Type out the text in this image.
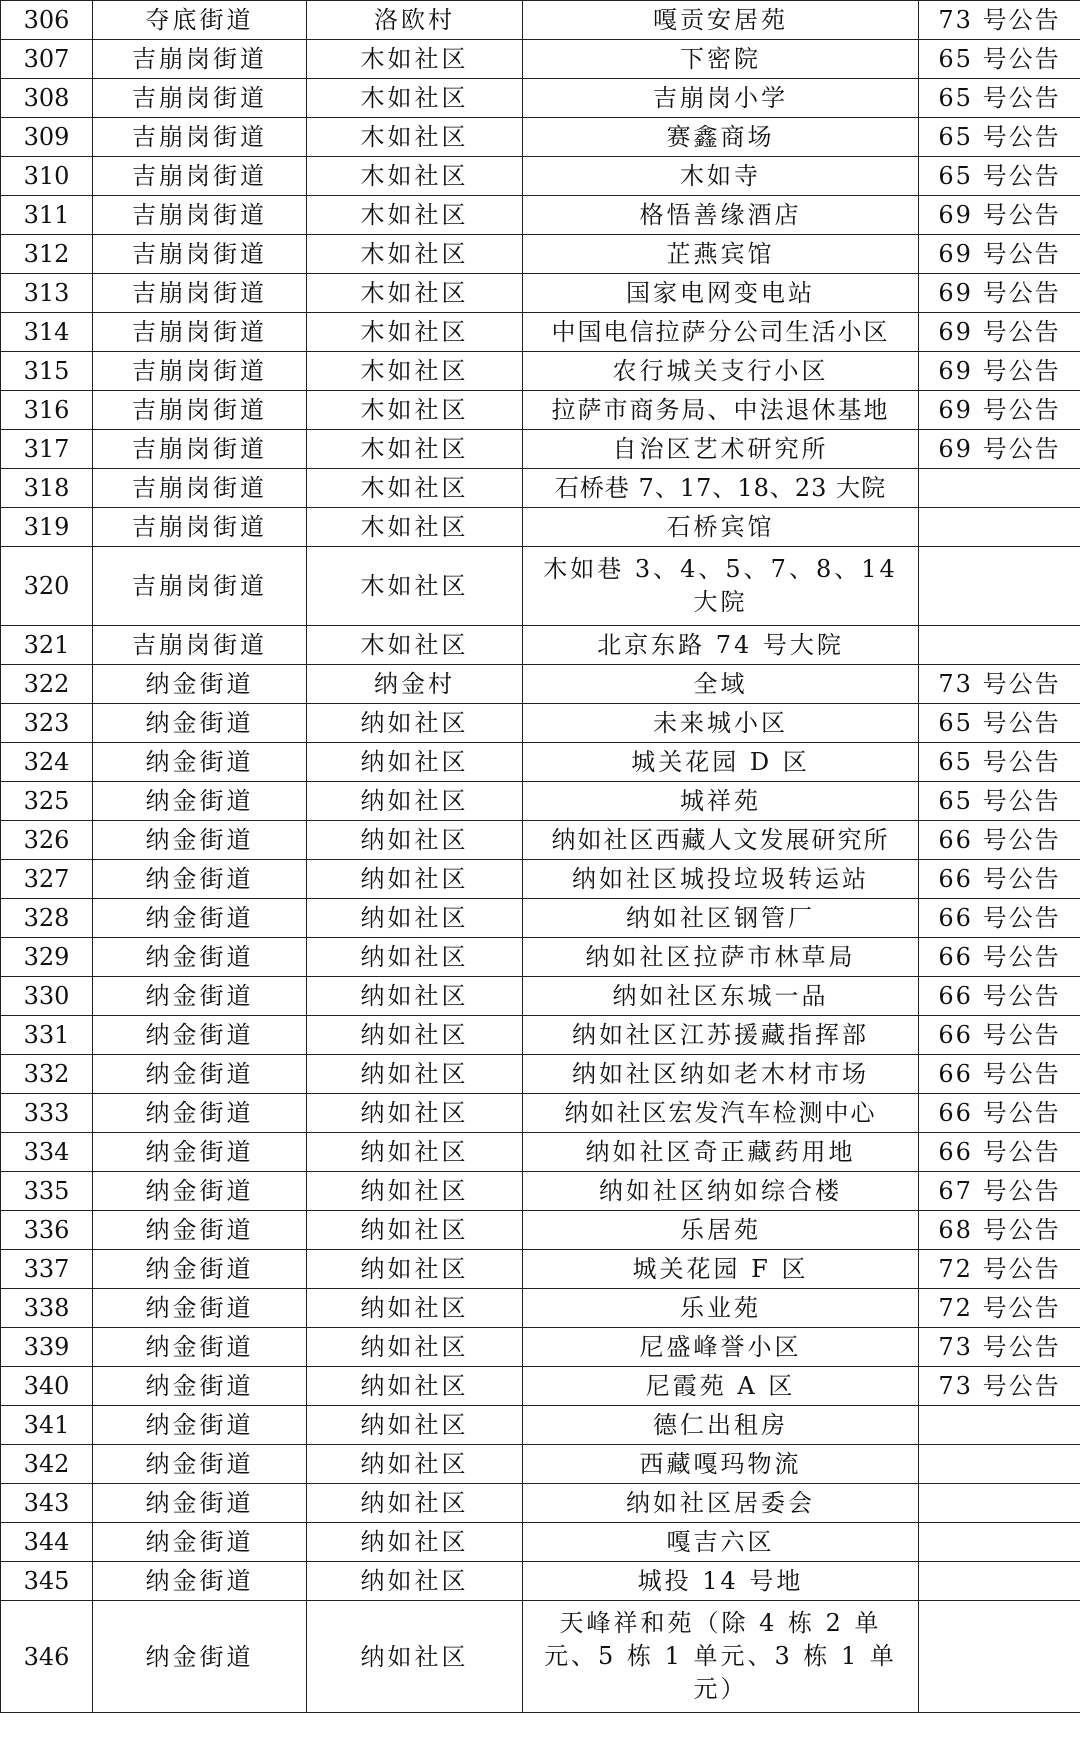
306	夺底街道	洛欧村	嘎贡安居苑	73 号公告
307	吉崩岗街道	木如社区	下密院	65 号公告
308	吉崩岗街道	木如社区	吉崩岗小学	65 号公告
309	吉崩岗街道	木如社区	赛鑫商场	65 号公告
310	吉崩岗街道	木如社区	木如寺	65 号公告
311	吉崩岗街道	木如社区	格悟善缘酒店	69 号公告
312	吉崩岗街道	木如社区	芷燕宾馆	69 号公告
313	吉崩岗街道	木如社区	国家电网变电站	69 号公告
314	吉崩岗街道	木如社区	中国电信拉萨分公司生活小区	69 号公告
315	吉崩岗街道	木如社区	农行城关支行小区	69 号公告
316	吉崩岗街道	木如社区	拉萨市商务局、中法退休基地	69 号公告
317	吉崩岗街道	木如社区	自治区艺术研究所	69 号公告
318	吉崩岗街道	木如社区	石桥巷 7、17、18、23 大院	
319	吉崩岗街道	木如社区	石桥宾馆	
320	吉崩岗街道	木如社区	木如巷 3、4、5、7、8、14 大院	
321	吉崩岗街道	木如社区	北京东路 74 号大院	
322	纳金街道	纳金村	全域	73 号公告
323	纳金街道	纳如社区	未来城小区	65 号公告
324	纳金街道	纳如社区	城关花园 D 区	65 号公告
325	纳金街道	纳如社区	城祥苑	65 号公告
326	纳金街道	纳如社区	纳如社区西藏人文发展研究所	66 号公告
327	纳金街道	纳如社区	纳如社区城投垃圾转运站	66 号公告
328	纳金街道	纳如社区	纳如社区钢管厂	66 号公告
329	纳金街道	纳如社区	纳如社区拉萨市林草局	66 号公告
330	纳金街道	纳如社区	纳如社区东城一品	66 号公告
331	纳金街道	纳如社区	纳如社区江苏援藏指挥部	66 号公告
332	纳金街道	纳如社区	纳如社区纳如老木材市场	66 号公告
333	纳金街道	纳如社区	纳如社区宏发汽车检测中心	66 号公告
334	纳金街道	纳如社区	纳如社区奇正藏药用地	66 号公告
335	纳金街道	纳如社区	纳如社区纳如综合楼	67 号公告
336	纳金街道	纳如社区	乐居苑	68 号公告
337	纳金街道	纳如社区	城关花园 F 区	72 号公告
338	纳金街道	纳如社区	乐业苑	72 号公告
339	纳金街道	纳如社区	尼盛峰誉小区	73 号公告
340	纳金街道	纳如社区	尼霞苑 A 区	73 号公告
341	纳金街道	纳如社区	德仁出租房	
342	纳金街道	纳如社区	西藏嘎玛物流	
343	纳金街道	纳如社区	纳如社区居委会	
344	纳金街道	纳如社区	嘎吉六区	
345	纳金街道	纳如社区	城投 14 号地	
346	纳金街道	纳如社区	天峰祥和苑（除 4 栋 2 单元、5 栋 1 单元、3 栋 1 单元）	
